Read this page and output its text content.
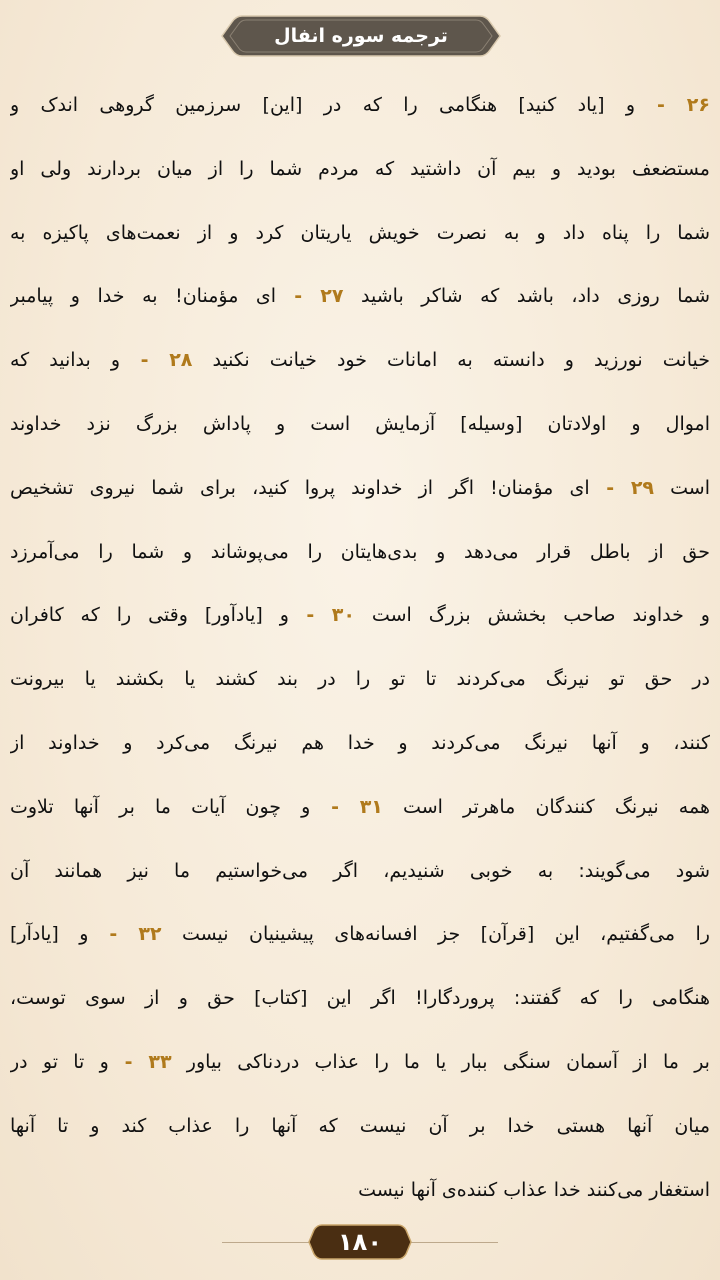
ترجمه سوره انفال
۲۶ - و [یاد کنید] هنگامی را که در [این] سرزمین گروهی اندک و
مستضعف بودید و بیم آن داشتید که مردم شما را از میان بردارند ولی او
شما را پناه داد و به نصرت خویش یاریتان کرد و از نعمت‌های پاکیزه به
شما روزی داد، باشد که شاکر باشید ۲۷ - ای مؤمنان! به خدا و پیامبر
خیانت نورزید و دانسته به امانات خود خیانت نکنید ۲۸ - و بدانید که
اموال و اولادتان [وسیله] آزمایش است و پاداش بزرگ نزد خداوند
است ۲۹ - ای مؤمنان! اگر از خداوند پروا کنید، برای شما نیروی تشخیص
حق از باطل قرار می‌دهد و بدی‌هایتان را می‌پوشاند و شما را می‌آمرزد
و خداوند صاحب بخشش بزرگ است ۳۰ - و [یادآور] وقتی را که کافران
در حق تو نیرنگ می‌کردند تا تو را در بند کشند یا بکشند یا بیرونت
کنند، و آنها نیرنگ می‌کردند و خدا هم نیرنگ می‌کرد و خداوند از
همه نیرنگ کنندگان ماهرتر است ۳۱ - و چون آیات ما بر آنها تلاوت
شود می‌گویند: به خوبی شنیدیم، اگر می‌خواستیم ما نیز همانند آن
را می‌گفتیم، این [قرآن] جز افسانه‌های پیشینیان نیست ۳۲ - و [یادآر]
هنگامی را که گفتند: پروردگارا! اگر این [کتاب] حق و از سوی توست،
بر ما از آسمان سنگی ببار یا ما را عذاب دردناکی بیاور ۳۳ - و تا تو در
میان آنها هستی خدا بر آن نیست که آنها را عذاب کند و تا آنها
استغفار می‌کنند خدا عذاب کننده‌ی آنها نیست
۱۸۰
